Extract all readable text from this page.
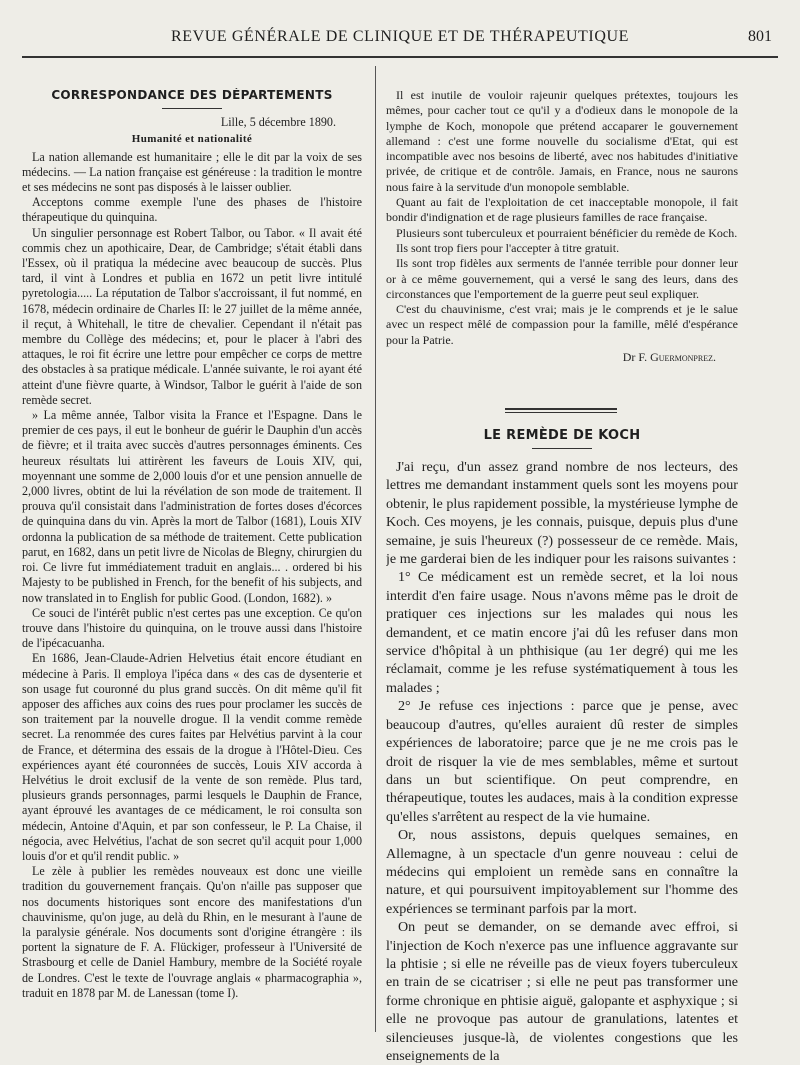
REVUE GÉNÉRALE DE CLINIQUE ET DE THÉRAPEUTIQUE	801
CORRESPONDANCE DES DÉPARTEMENTS
Lille, 5 décembre 1890.
Humanité et nationalité

La nation allemande est humanitaire ; elle le dit par la voix de ses médecins. — La nation française est généreuse : la tradition le montre et ses médecins ne sont pas disposés à le laisser oublier.

Acceptons comme exemple l'une des phases de l'histoire thérapeutique du quinquina.

Un singulier personnage est Robert Talbor, ou Tabor. « Il avait été commis chez un apothicaire, Dear, de Cambridge; s'était établi dans l'Essex, où il pratiqua la médecine avec beaucoup de succès. Plus tard, il vint à Londres et publia en 1672 un petit livre intitulé pyretologia..... La réputation de Talbor s'accroissant, il fut nommé, en 1678, médecin ordinaire de Charles II: le 27 juillet de la même année, il reçut, à Whitehall, le titre de chevalier. Cependant il n'était pas membre du Collège des médecins; et, pour le placer à l'abri des attaques, le roi fit écrire une lettre pour empêcher ce corps de mettre des obstacles à sa pratique médicale. L'année suivante, le roi ayant été atteint d'une fièvre quarte, à Windsor, Talbor le guérit à l'aide de son remède secret.

» La même année, Talbor visita la France et l'Espagne. Dans le premier de ces pays, il eut le bonheur de guérir le Dauphin d'un accès de fièvre; et il traita avec succès d'autres personnages éminents. Ces heureux résultats lui attirèrent les faveurs de Louis XIV, qui, moyennant une somme de 2,000 louis d'or et une pension annuelle de 2,000 livres, obtint de lui la révélation de son mode de traitement. Il prouva qu'il consistait dans l'administration de fortes doses d'écorces de quinquina dans du vin. Après la mort de Talbor (1681), Louis XIV ordonna la publication de sa méthode de traitement. Cette publication parut, en 1682, dans un petit livre de Nicolas de Blegny, chirurgien du roi. Ce livre fut immédiatement traduit en anglais... . ordered bi his Majesty to be published in French, for the benefit of his subjects, and now translated in to English for public Good. (London, 1682). »

Ce souci de l'intérêt public n'est certes pas une exception. Ce qu'on trouve dans l'histoire du quinquina, on le trouve aussi dans l'histoire de l'ipécacuanha.

En 1686, Jean-Claude-Adrien Helvetius était encore étudiant en médecine à Paris. Il employa l'ipéca dans « des cas de dysenterie et son usage fut couronné du plus grand succès. On dit même qu'il fit apposer des affiches aux coins des rues pour proclamer les succès de son traitement par la nouvelle drogue. Il la vendit comme remède secret. La renommée des cures faites par Helvétius parvint à la cour de France, et détermina des essais de la drogue à l'Hôtel-Dieu. Ces expériences ayant été couronnées de succès, Louis XIV accorda à Helvétius le droit exclusif de la vente de son remède. Plus tard, plusieurs grands personnages, parmi lesquels le Dauphin de France, ayant éprouvé les avantages de ce médicament, le roi consulta son médecin, Antoine d'Aquin, et par son confesseur, le P. La Chaise, il négocia, avec Helvétius, l'achat de son secret qu'il acquit pour 1,000 louis d'or et qu'il rendit public. »

Le zèle à publier les remèdes nouveaux est donc une vieille tradition du gouvernement français. Qu'on n'aille pas supposer que nos documents historiques sont encore des manifestations d'un chauvinisme, qu'on juge, au delà du Rhin, en le mesurant à l'aune de la paralysie générale. Nos documents sont d'origine étrangère : ils portent la signature de F. A. Flückiger, professeur à l'Université de Strasbourg et celle de Daniel Hambury, membre de la Société royale de Londres. C'est le texte de l'ouvrage anglais « pharmacographia », traduit en 1878 par M. de Lanessan (tome I).

Il est inutile de vouloir rajeunir quelques prétextes, toujours les mêmes, pour cacher tout ce qu'il y a d'odieux dans le monopole de la lymphe de Koch, monopole que prétend accaparer le gouvernement allemand : c'est une forme nouvelle du socialisme d'Etat, qui est incompatible avec nos besoins de liberté, avec nos habitudes d'initiative privée, de critique et de contrôle. Jamais, en France, nous ne saurons nous faire à la servitude d'un monopole semblable.

Quant au fait de l'exploitation de cet inacceptable monopole, il fait bondir d'indignation et de rage plusieurs familles de race française.

Plusieurs sont tuberculeux et pourraient bénéficier du remède de Koch.

Ils sont trop fiers pour l'accepter à titre gratuit.

Ils sont trop fidèles aux serments de l'année terrible pour donner leur or à ce même gouvernement, qui a versé le sang des leurs, dans des circonstances que l'emportement de la guerre peut seul expliquer.

C'est du chauvinisme, c'est vrai; mais je le comprends et je le salue avec un respect mêlé de compassion pour la famille, mêlé d'espérance pour la Patrie.

Dr F. Guermonprez.
LE REMÈDE DE KOCH

J'ai reçu, d'un assez grand nombre de nos lecteurs, des lettres me demandant instamment quels sont les moyens pour obtenir, le plus rapidement possible, la mystérieuse lymphe de Koch. Ces moyens, je les connais, puisque, depuis plus d'une semaine, je suis l'heureux (?) possesseur de ce remède. Mais, je me garderai bien de les indiquer pour les raisons suivantes :

1° Ce médicament est un remède secret, et la loi nous interdit d'en faire usage. Nous n'avons même pas le droit de pratiquer ces injections sur les malades qui nous les demandent, et ce matin encore j'ai dû les refuser dans mon service d'hôpital à un phthisique (au 1er degré) qui me les réclamait, comme je les refuse systématiquement à tous les malades ;

2° Je refuse ces injections : parce que je pense, avec beaucoup d'autres, qu'elles auraient dû rester de simples expériences de laboratoire; parce que je ne me crois pas le droit de risquer la vie de mes semblables, même et surtout dans un but scientifique. On peut comprendre, en thérapeutique, toutes les audaces, mais à la condition expresse qu'elles s'arrêtent au respect de la vie humaine.

Or, nous assistons, depuis quelques semaines, en Allemagne, à un spectacle d'un genre nouveau : celui de médecins qui emploient un remède sans en connaître la nature, et qui poursuivent impitoyablement sur l'homme des expériences se terminant parfois par la mort.

On peut se demander, on se demande avec effroi, si l'injection de Koch n'exerce pas une influence aggravante sur la phtisie ; si elle ne réveille pas de vieux foyers tuberculeux en train de se cicatriser ; si elle ne peut pas transformer une forme chronique en phtisie aiguë, galopante et asphyxique ; si elle ne provoque pas autour de granulations, latentes et silencieuses jusque-là, de violentes congestions que les enseignements de la
